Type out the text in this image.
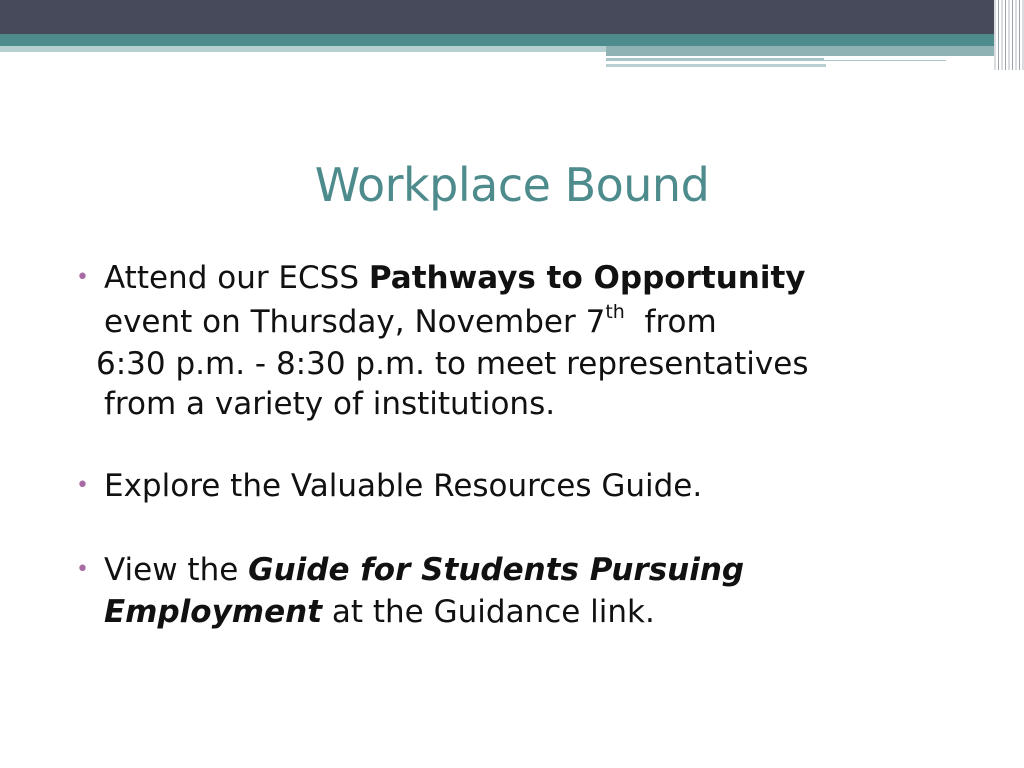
Workplace Bound
• Attend our ECSS Pathways to Opportunity
event on Thursday, November 7th  from
6:30 p.m. - 8:30 p.m. to meet representatives
from a variety of institutions.
• Explore the Valuable Resources Guide.
• View the Guide for Students Pursuing
Employment at the Guidance link.
